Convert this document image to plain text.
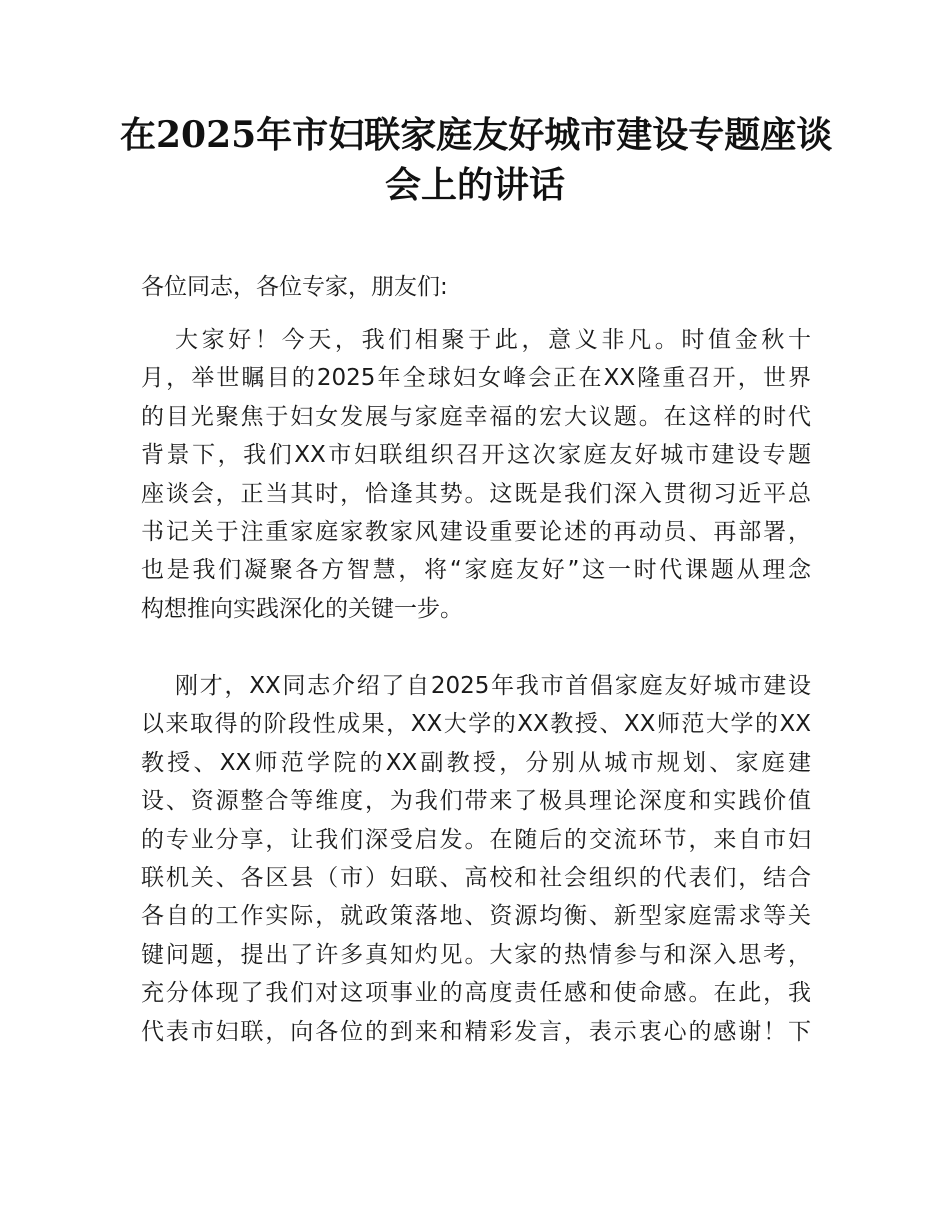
在2025年市妇联家庭友好城市建设专题座谈
会上的讲话

各位同志，各位专家，朋友们:

大家好！今天，我们相聚于此，意义非凡。时值金秋十
月，举世瞩目的2025年全球妇女峰会正在XX隆重召开，世界
的目光聚焦于妇女发展与家庭幸福的宏大议题。在这样的时代
背景下，我们XX市妇联组织召开这次家庭友好城市建设专题
座谈会，正当其时，恰逢其势。这既是我们深入贯彻习近平总
书记关于注重家庭家教家风建设重要论述的再动员、再部署，
也是我们凝聚各方智慧，将“家庭友好”这一时代课题从理念
构想推向实践深化的关键一步。
刚才，XX同志介绍了自2025年我市首倡家庭友好城市建设
以来取得的阶段性成果，XX大学的XX教授、XX师范大学的XX
教授、XX师范学院的XX副教授，分别从城市规划、家庭建
设、资源整合等维度，为我们带来了极具理论深度和实践价值
的专业分享，让我们深受启发。在随后的交流环节，来自市妇
联机关、各区县（市）妇联、高校和社会组织的代表们，结合
各自的工作实际，就政策落地、资源均衡、新型家庭需求等关
键问题，提出了许多真知灼见。大家的热情参与和深入思考，
充分体现了我们对这项事业的高度责任感和使命感。在此，我
代表市妇联，向各位的到来和精彩发言，表示衷心的感谢！下
